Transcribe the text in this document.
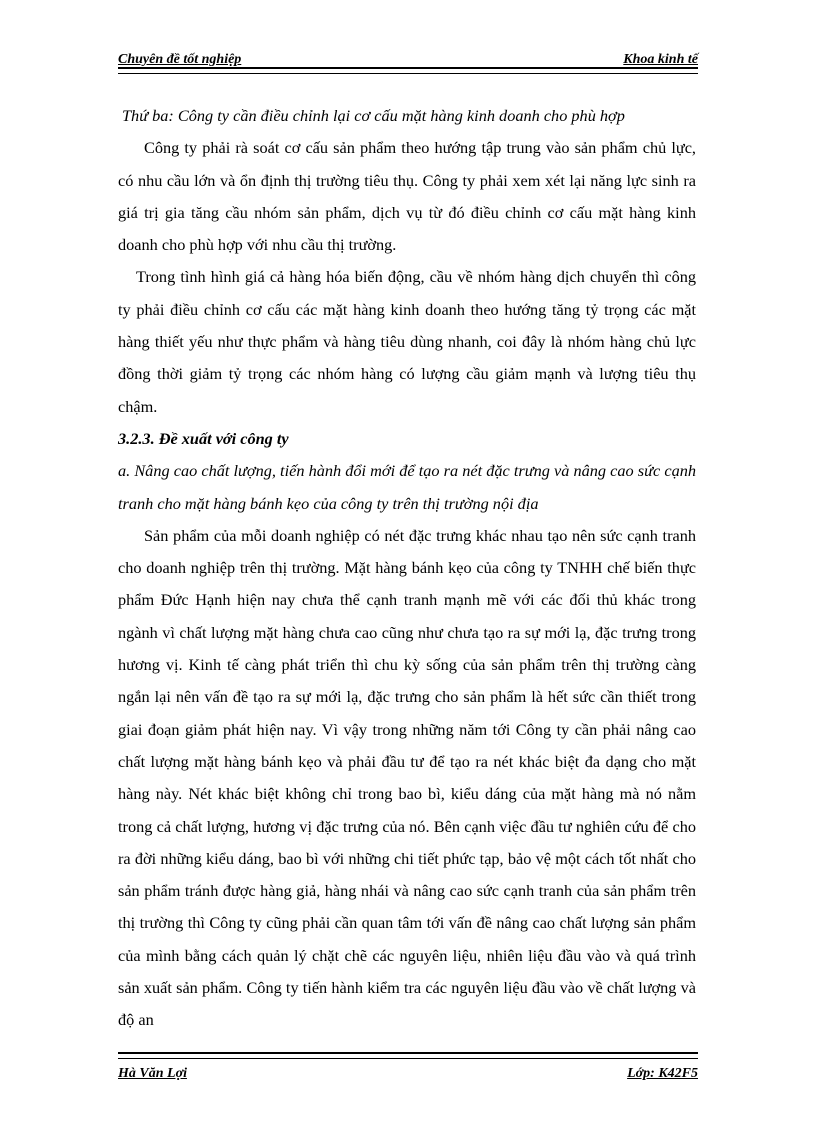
Chuyên đề tốt nghiệp	Khoa kinh tế

Thứ ba: Công ty cần điều chỉnh lại cơ cấu mặt hàng kinh doanh cho phù hợp

Công ty phải rà soát cơ cấu sản phẩm theo hướng tập trung vào sản phẩm chủ lực, có nhu cầu lớn và ổn định thị trường tiêu thụ. Công ty phải xem xét lại năng lực sinh ra giá trị gia tăng cầu nhóm sản phẩm, dịch vụ từ đó điều chỉnh cơ cấu mặt hàng kinh doanh cho phù hợp với nhu cầu thị trường.

Trong tình hình giá cả hàng hóa biến động, cầu về nhóm hàng dịch chuyển thì công ty phải điều chỉnh cơ cấu các mặt hàng kinh doanh theo hướng tăng tỷ trọng các mặt hàng thiết yếu như thực phẩm và hàng tiêu dùng nhanh, coi đây là nhóm hàng chủ lực đồng thời giảm tỷ trọng các nhóm hàng có lượng cầu giảm mạnh và lượng tiêu thụ chậm.

3.2.3. Đề xuất với công ty

a. Nâng cao chất lượng, tiến hành đổi mới để tạo ra nét đặc trưng và nâng cao sức cạnh tranh cho mặt hàng bánh kẹo của công ty trên thị trường nội địa

Sản phẩm của mỗi doanh nghiệp có nét đặc trưng khác nhau tạo nên sức cạnh tranh cho doanh nghiệp trên thị trường. Mặt hàng bánh kẹo của công ty TNHH chế biến thực phẩm Đức Hạnh hiện nay chưa thể cạnh tranh mạnh mẽ với các đối thủ khác trong ngành vì chất lượng mặt hàng chưa cao cũng như chưa tạo ra sự mới lạ, đặc trưng trong hương vị. Kinh tế càng phát triển thì chu kỳ sống của sản phẩm trên thị trường càng ngắn lại nên vấn đề tạo ra sự mới lạ, đặc trưng cho sản phẩm là hết sức cần thiết trong giai đoạn giảm phát hiện nay. Vì vậy trong những năm tới Công ty cần phải nâng cao chất lượng mặt hàng bánh kẹo và phải đầu tư để tạo ra nét khác biệt đa dạng cho mặt hàng này. Nét khác biệt không chỉ trong bao bì, kiểu dáng của mặt hàng mà nó nằm trong cả chất lượng, hương vị đặc trưng của nó. Bên cạnh việc đầu tư nghiên cứu để cho ra đời những kiểu dáng, bao bì với những chi tiết phức tạp, bảo vệ một cách tốt nhất cho sản phẩm tránh được hàng giả, hàng nhái và nâng cao sức cạnh tranh của sản phẩm trên thị trường thì Công ty cũng phải cần quan tâm tới vấn đề nâng cao chất lượng sản phẩm của mình bằng cách quản lý chặt chẽ các nguyên liệu, nhiên liệu đầu vào và quá trình sản xuất sản phẩm. Công ty tiến hành kiểm tra các nguyên liệu đầu vào về chất lượng và độ an

Hà Văn Lợi	Lớp: K42F5
